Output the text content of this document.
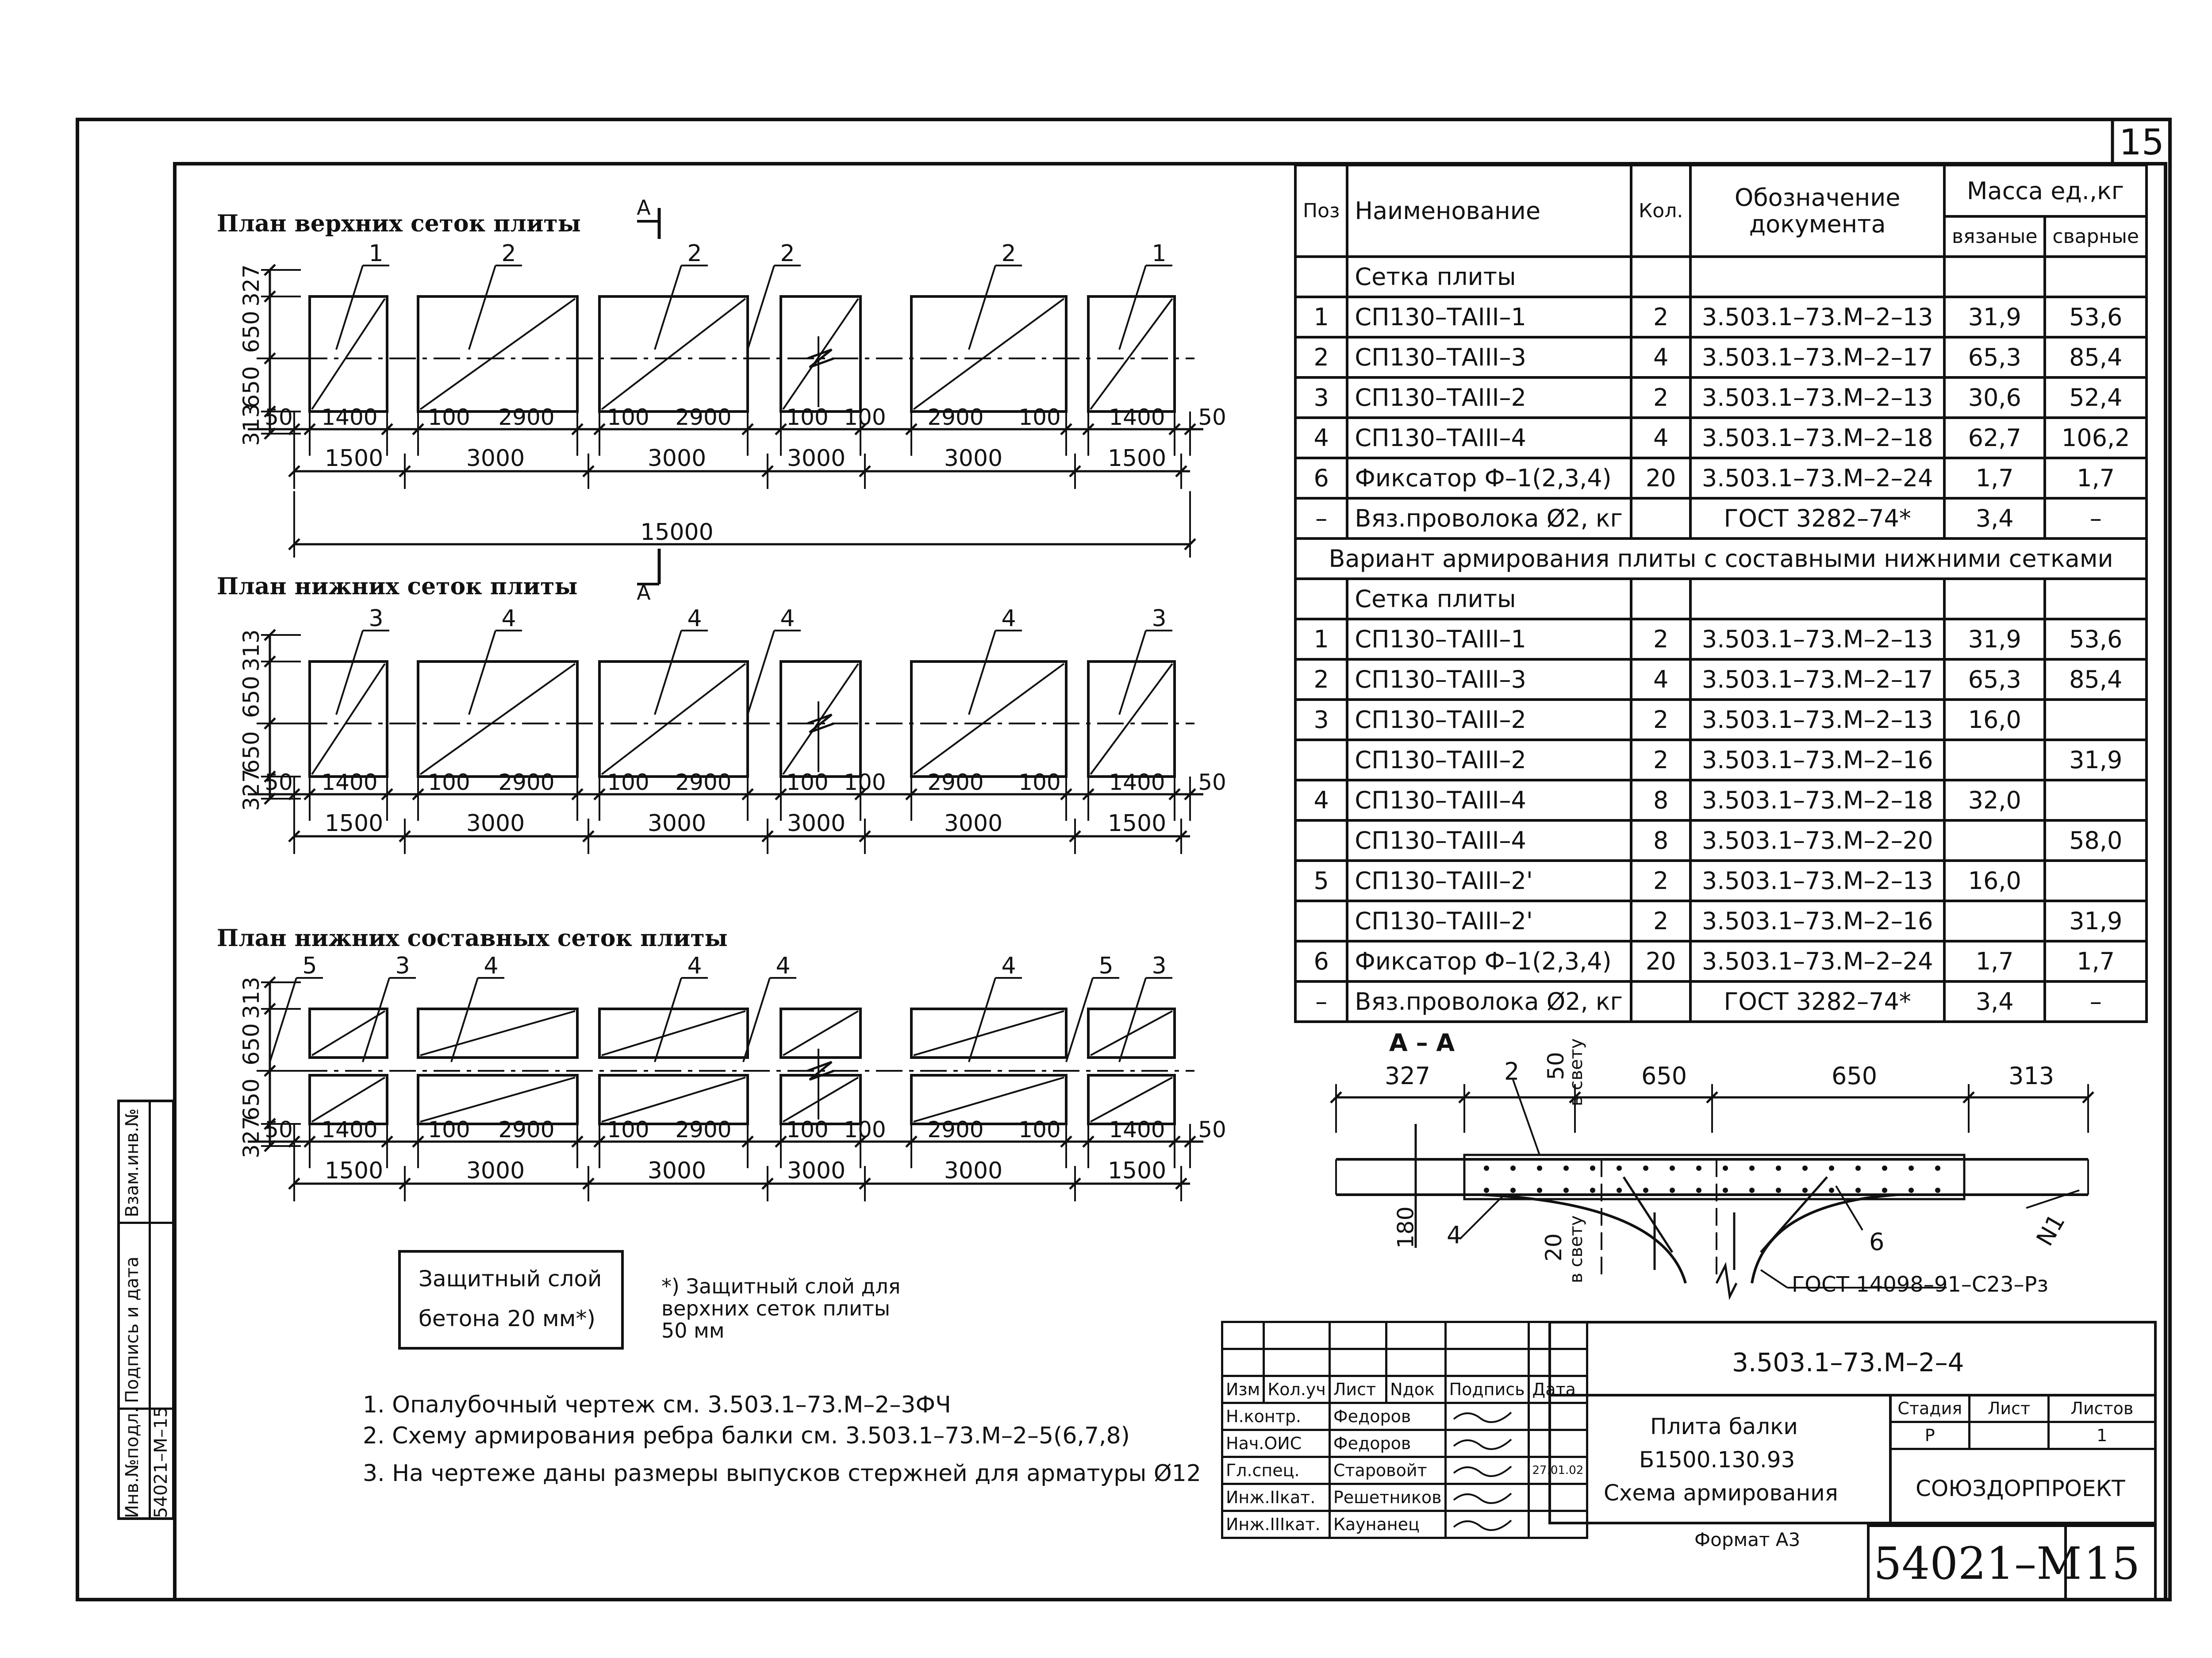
50 1400 100 2900 100 2900 100 100 2900 100 1400 50
1500	3000	3000	3000	3000	1500
327
650
650
313
1	2	2	2	2	1
50 1400 100 2900 100 2900 100 100 2900 100 1400 50
1500	3000	3000	3000	3000	1500
313
650
650
327
3	4	4	4	4	3
50 1400 100 2900 100 2900 100 100 2900 100 1400 50
1500	3000	3000	3000	3000	1500
313
650
650
327
5	3	4	4	4	4	5 3
15000
А
А
15
План верхних сеток плиты
План нижних сеток плиты
План нижних составных сеток плиты
Поз	Наименование	Кол.	Обозначение документа	Масса ед.,кг	
				вязаные	сварные
	Сетка плиты				
1	СП130–ТАIII–1	2	3.503.1–73.М–2–13	31,9	53,6
2	СП130–ТАIII–3	4	3.503.1–73.М–2–17	65,3	85,4
3	СП130–ТАIII–2	2	3.503.1–73.М–2–13	30,6	52,4
4	СП130–ТАIII–4	4	3.503.1–73.М–2–18	62,7	106,2
6	Фиксатор Ф–1(2,3,4)	20	3.503.1–73.М–2–24	1,7	1,7
–	Вяз.проволока Ø2, кг		ГОСТ 3282–74*	3,4	–
Вариант армирования плиты с составными нижними сетками					
	Сетка плиты				
1	СП130–ТАIII–1	2	3.503.1–73.М–2–13	31,9	53,6
2	СП130–ТАIII–3	4	3.503.1–73.М–2–17	65,3	85,4
3	СП130–ТАIII–2	2	3.503.1–73.М–2–13	16,0	
	СП130–ТАIII–2	2	3.503.1–73.М–2–16		31,9
4	СП130–ТАIII–4	8	3.503.1–73.М–2–18	32,0	
	СП130–ТАIII–4	8	3.503.1–73.М–2–20		58,0
5	СП130–ТАIII–2'	2	3.503.1–73.М–2–13	16,0	
	СП130–ТАIII–2'	2	3.503.1–73.М–2–16		31,9
6	Фиксатор Ф–1(2,3,4)	20	3.503.1–73.М–2–24	1,7	1,7
–	Вяз.проволока Ø2, кг		ГОСТ 3282–74*	3,4	–
А – А
327	650	650	313
2 50
в свету
180 4	20 в свету	6	N1
ГОСТ 14098–91–С23–Рз
Защитный слой
бетона 20 мм*)
*) Защитный слой для
верхних сеток плиты
50 мм
1. Опалубочный чертеж см. 3.503.1–73.М–2–3ФЧ
2. Схему армирования ребра балки см. 3.503.1–73.М–2–5(6,7,8)
3. На чертеже даны размеры выпусков стержней для арматуры Ø12
Взам.инв.№
Подпись и дата
Инв.№подл. 54021–М–15

Изм	Кол.уч	Лист	Nдок	Подпись	Дата
Н.контр.		Федоров		
Нач.ОИС		Федоров		
Гл.спец.		Старовойт			27.01.02
Инж.IIкат.		Решетников		
Инж.IIIкат.		Каунанец		
3.503.1–73.М–2–4
Плита балки
Б1500.130.93
Схема армирования
Стадия	Лист	Листов
Р		1
СОЮЗДОРПРОЕКТ
Формат А3 54021–М 15
